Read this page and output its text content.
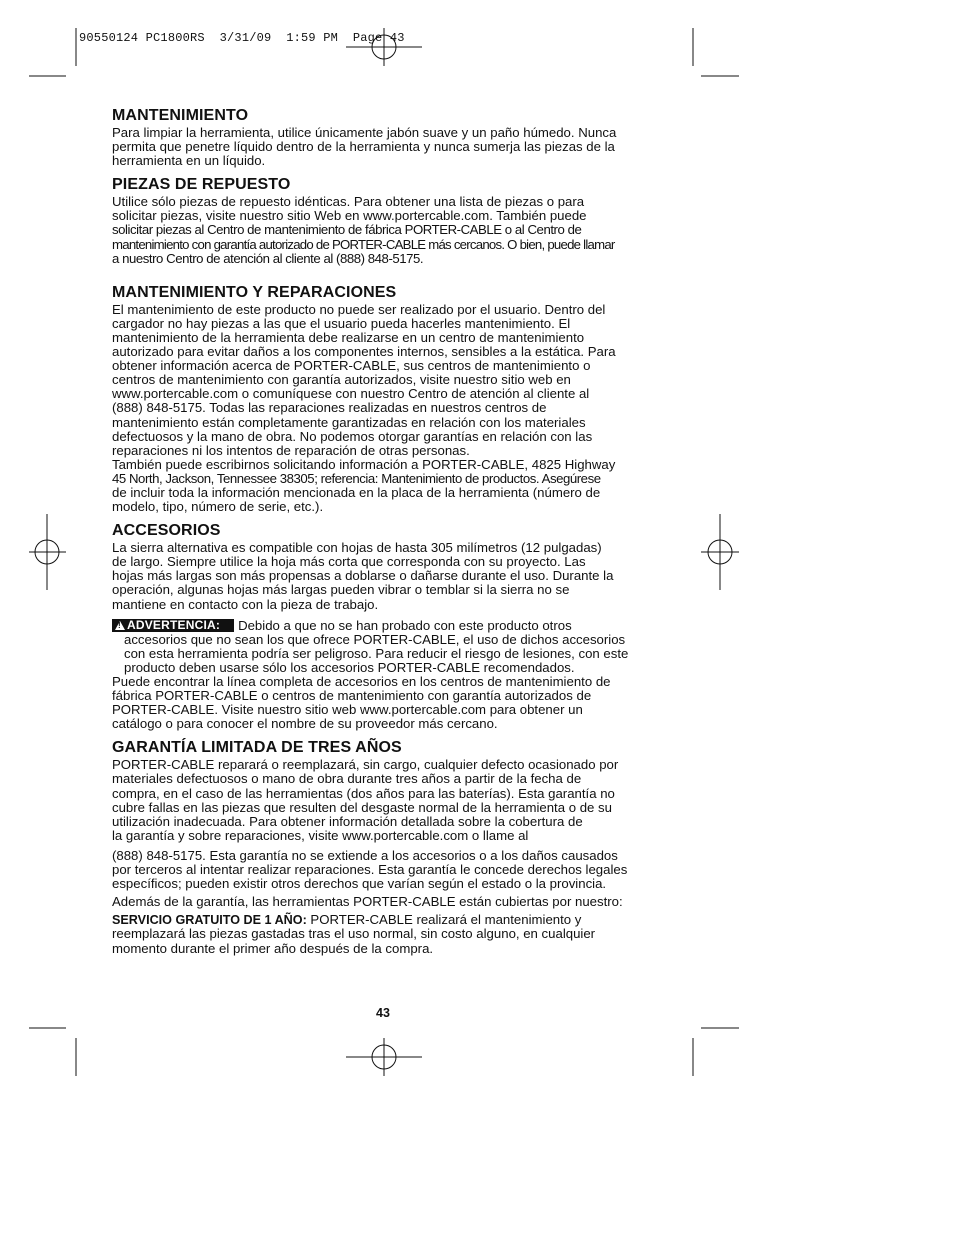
90550124 PC1800RS  3/31/09  1:59 PM  Page 43
MANTENIMIENTO

Para limpiar la herramienta, utilice únicamente jabón suave y un paño húmedo. Nunca

permita que penetre líquido dentro de la herramienta y nunca sumerja las piezas de la

herramienta en un líquido.

PIEZAS DE REPUESTO

Utilice sólo piezas de repuesto idénticas. Para obtener una lista de piezas o para

solicitar piezas, visite nuestro sitio Web en www.portercable.com. También puede

solicitar piezas al Centro de mantenimiento de fábrica PORTER-CABLE o al Centro de

mantenimiento con garantía autorizado de PORTER-CABLE más cercanos. O bien, puede llamar

a nuestro Centro de atención al cliente al (888) 848-5175.

MANTENIMIENTO Y REPARACIONES

El mantenimiento de este producto no puede ser realizado por el usuario. Dentro del

cargador no hay piezas a las que el usuario pueda hacerles mantenimiento. El

mantenimiento de la herramienta debe realizarse en un centro de mantenimiento

autorizado para evitar daños a los componentes internos, sensibles a la estática. Para

obtener información acerca de PORTER-CABLE, sus centros de mantenimiento o

centros de mantenimiento con garantía autorizados, visite nuestro sitio web en

www.portercable.com o comuníquese con nuestro Centro de atención al cliente al

(888) 848-5175. Todas las reparaciones realizadas en nuestros centros de

mantenimiento están completamente garantizadas en relación con los materiales

defectuosos y la mano de obra. No podemos otorgar garantías en relación con las

reparaciones ni los intentos de reparación de otras personas.

También puede escribirnos solicitando información a PORTER-CABLE, 4825 Highway

45 North, Jackson, Tennessee 38305; referencia: Mantenimiento de productos. Asegúrese

de incluir toda la información mencionada en la placa de la herramienta (número de

modelo, tipo, número de serie, etc.).

ACCESORIOS

La sierra alternativa es compatible con hojas de hasta 305 milímetros (12 pulgadas)

de largo. Siempre utilice la hoja más corta que corresponda con su proyecto. Las

hojas más largas son más propensas a doblarse o dañarse durante el uso. Durante la

operación, algunas hojas más largas pueden vibrar o temblar si la sierra no se

mantiene en contacto con la pieza de trabajo.

!ADVERTENCIA: Debido a que no se han probado con este producto otros

accesorios que no sean los que ofrece PORTER-CABLE, el uso de dichos accesorios

con esta herramienta podría ser peligroso. Para reducir el riesgo de lesiones, con este

producto deben usarse sólo los accesorios PORTER-CABLE recomendados.

Puede encontrar la línea completa de accesorios en los centros de mantenimiento de

fábrica PORTER-CABLE o centros de mantenimiento con garantía autorizados de

PORTER-CABLE. Visite nuestro sitio web www.portercable.com para obtener un

catálogo o para conocer el nombre de su proveedor más cercano.

GARANTÍA LIMITADA DE TRES AÑOS

PORTER-CABLE reparará o reemplazará, sin cargo, cualquier defecto ocasionado por

materiales defectuosos o mano de obra durante tres años a partir de la fecha de

compra, en el caso de las herramientas (dos años para las baterías). Esta garantía no

cubre fallas en las piezas que resulten del desgaste normal de la herramienta o de su

utilización inadecuada. Para obtener información detallada sobre la cobertura de

la garantía y sobre reparaciones, visite www.portercable.com o llame al

(888) 848-5175. Esta garantía no se extiende a los accesorios o a los daños causados

por terceros al intentar realizar reparaciones. Esta garantía le concede derechos legales

específicos; pueden existir otros derechos que varían según el estado o la provincia.

Además de la garantía, las herramientas PORTER-CABLE están cubiertas por nuestro:

SERVICIO GRATUITO DE 1 AÑO: PORTER-CABLE realizará el mantenimiento y

reemplazará las piezas gastadas tras el uso normal, sin costo alguno, en cualquier

momento durante el primer año después de la compra.

43
